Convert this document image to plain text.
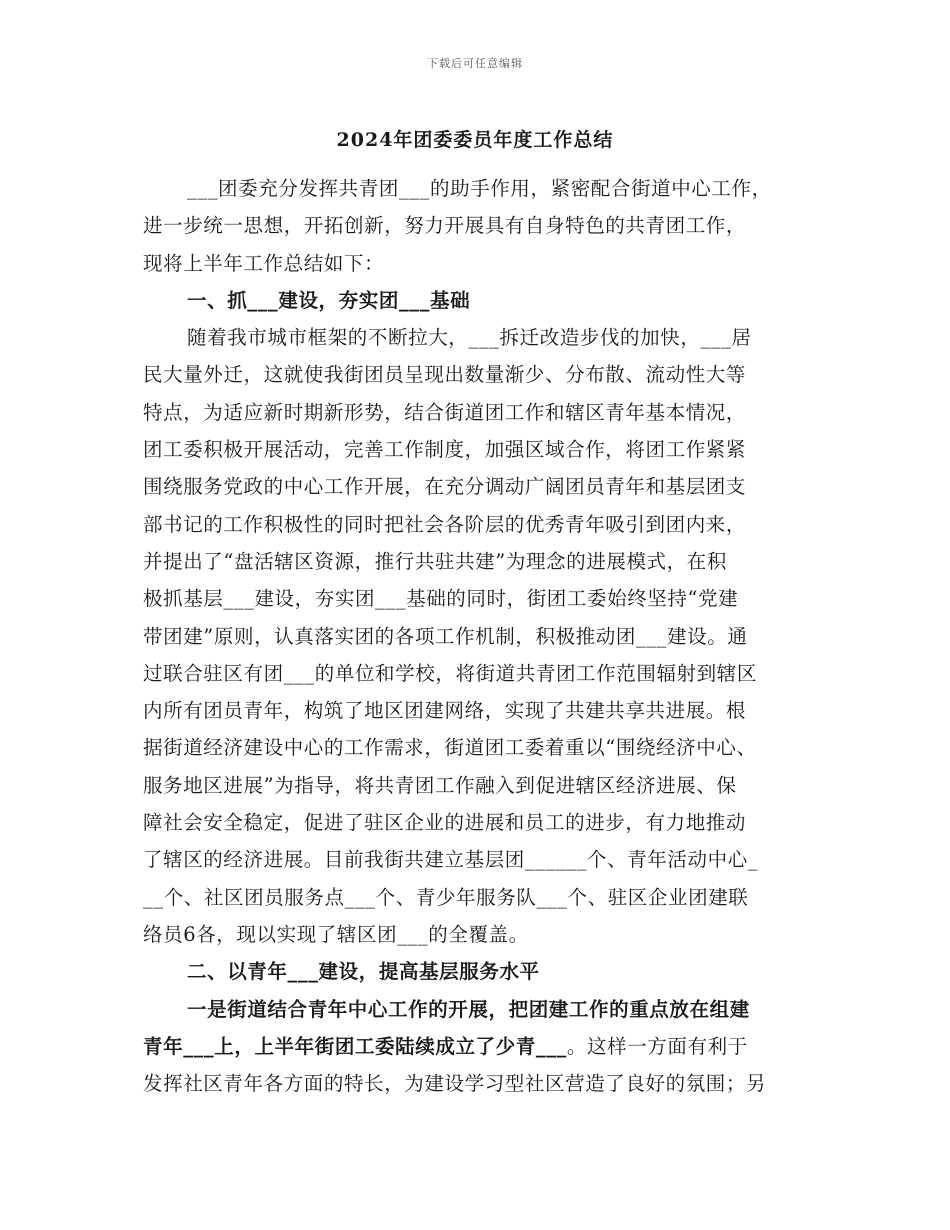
下载后可任意编辑
2024年团委委员年度工作总结
___团委充分发挥共青团___的助手作用，紧密配合街道中心工作，
进一步统一思想，开拓创新，努力开展具有自身特色的共青团工作，
现将上半年工作总结如下：
一、抓___建设，夯实团___基础
随着我市城市框架的不断拉大，___拆迁改造步伐的加快，___居
民大量外迁，这就使我街团员呈现出数量渐少、分布散、流动性大等
特点，为适应新时期新形势，结合街道团工作和辖区青年基本情况，
团工委积极开展活动，完善工作制度，加强区域合作，将团工作紧紧
围绕服务党政的中心工作开展，在充分调动广阔团员青年和基层团支
部书记的工作积极性的同时把社会各阶层的优秀青年吸引到团内来，
并提出了“盘活辖区资源，推行共驻共建”为理念的进展模式，在积
极抓基层___建设，夯实团___基础的同时，街团工委始终坚持“党建
带团建”原则，认真落实团的各项工作机制，积极推动团___建设。通
过联合驻区有团___的单位和学校，将街道共青团工作范围辐射到辖区
内所有团员青年，构筑了地区团建网络，实现了共建共享共进展。根
据街道经济建设中心的工作需求，街道团工委着重以“围绕经济中心、
服务地区进展”为指导，将共青团工作融入到促进辖区经济进展、保
障社会安全稳定，促进了驻区企业的进展和员工的进步，有力地推动
了辖区的经济进展。目前我街共建立基层团______个、青年活动中心_
__个、社区团员服务点___个、青少年服务队___个、驻区企业团建联
络员6各，现以实现了辖区团___的全覆盖。
二、以青年___建设，提高基层服务水平
一是街道结合青年中心工作的开展，把团建工作的重点放在组建
青年___上，上半年街团工委陆续成立了少青___。这样一方面有利于
发挥社区青年各方面的特长，为建设学习型社区营造了良好的氛围；另
